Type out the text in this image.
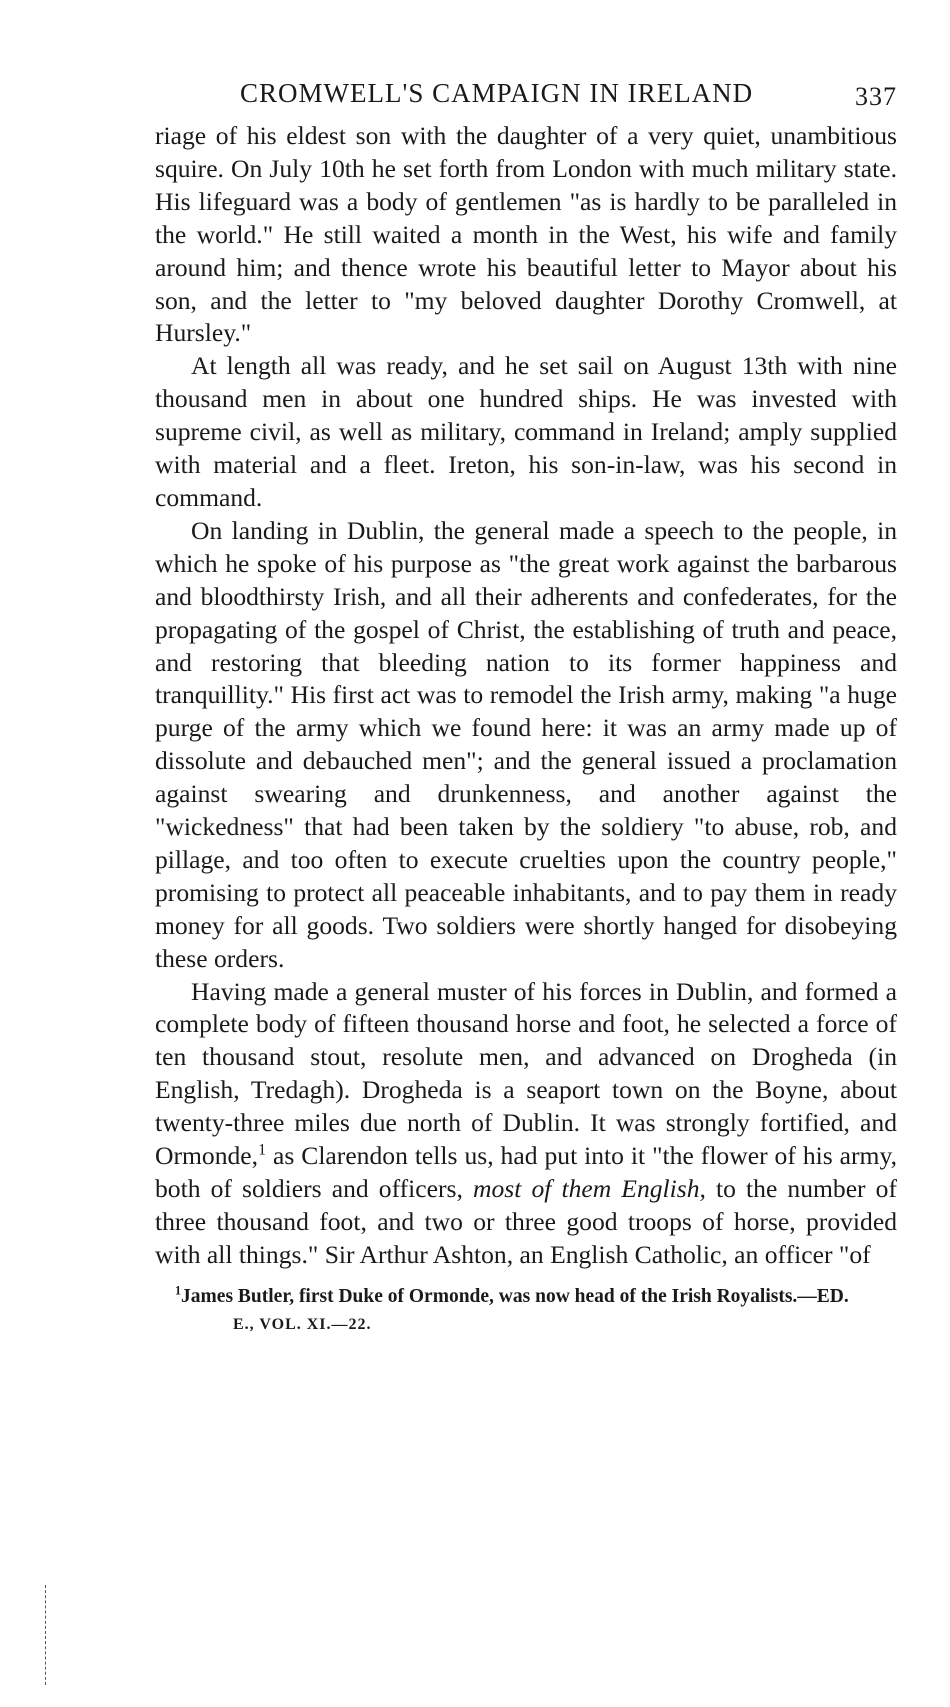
CROMWELL'S CAMPAIGN IN IRELAND	337

riage of his eldest son with the daughter of a very quiet, unambitious squire. On July 10th he set forth from London with much military state. His lifeguard was a body of gentlemen "as is hardly to be paralleled in the world." He still waited a month in the West, his wife and family around him; and thence wrote his beautiful letter to Mayor about his son, and the letter to "my beloved daughter Dorothy Cromwell, at Hursley."

At length all was ready, and he set sail on August 13th with nine thousand men in about one hundred ships. He was invested with supreme civil, as well as military, command in Ireland; amply supplied with material and a fleet. Ireton, his son-in-law, was his second in command.

On landing in Dublin, the general made a speech to the people, in which he spoke of his purpose as "the great work against the barbarous and bloodthirsty Irish, and all their adherents and confederates, for the propagating of the gospel of Christ, the establishing of truth and peace, and restoring that bleeding nation to its former happiness and tranquillity." His first act was to remodel the Irish army, making "a huge purge of the army which we found here: it was an army made up of dissolute and debauched men"; and the general issued a proclamation against swearing and drunkenness, and another against the "wickedness" that had been taken by the soldiery "to abuse, rob, and pillage, and too often to execute cruelties upon the country people," promising to protect all peaceable inhabitants, and to pay them in ready money for all goods. Two soldiers were shortly hanged for disobeying these orders.

Having made a general muster of his forces in Dublin, and formed a complete body of fifteen thousand horse and foot, he selected a force of ten thousand stout, resolute men, and advanced on Drogheda (in English, Tredagh). Drogheda is a seaport town on the Boyne, about twenty-three miles due north of Dublin. It was strongly fortified, and Ormonde,$^1$ as Clarendon tells us, had put into it "the flower of his army, both of soldiers and officers, most of them English, to the number of three thousand foot, and two or three good troops of horse, provided with all things." Sir Arthur Ashton, an English Catholic, an officer "of

$^1$James Butler, first Duke of Ormonde, was now head of the Irish Royalists.—ED.

E., VOL. XI.—22.
